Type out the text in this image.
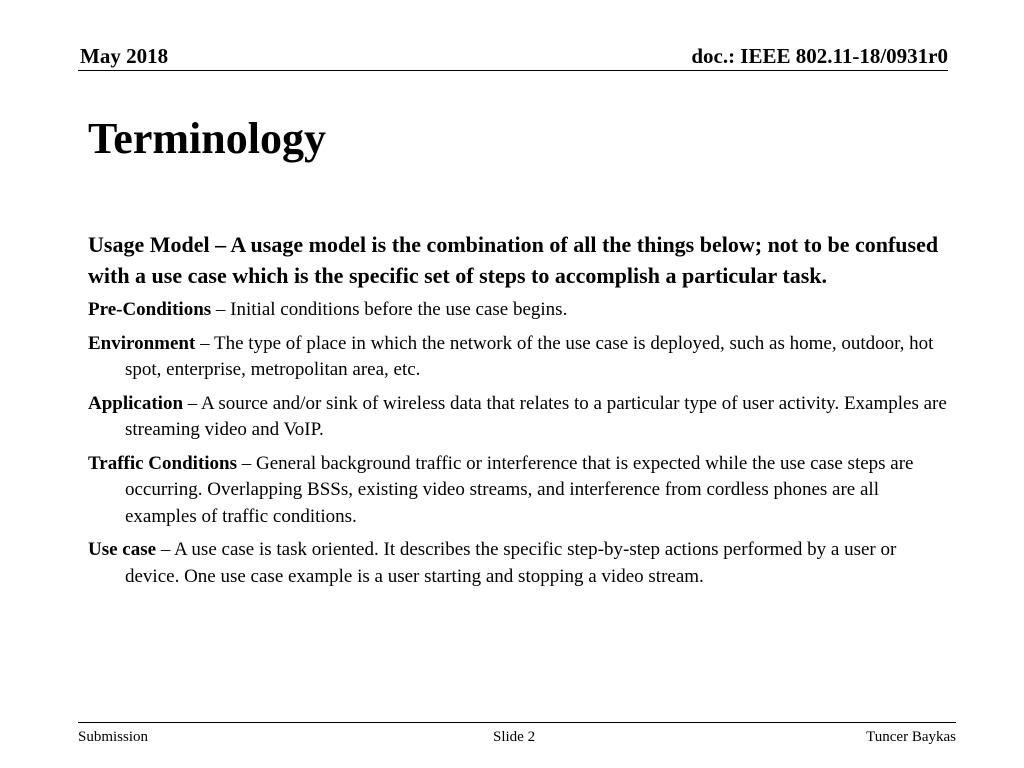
May 2018	doc.: IEEE 802.11-18/0931r0
Terminology

Usage Model – A usage model is the combination of all the things below; not to be confused with a use case which is the specific set of steps to accomplish a particular task.

Pre-Conditions – Initial conditions before the use case begins.

Environment – The type of place in which the network of the use case is deployed, such as home, outdoor, hot spot, enterprise, metropolitan area, etc.

Application – A source and/or sink of wireless data that relates to a particular type of user activity. Examples are streaming video and VoIP.

Traffic Conditions – General background traffic or interference that is expected while the use case steps are occurring. Overlapping BSSs, existing video streams, and interference from cordless phones are all examples of traffic conditions.

Use case – A use case is task oriented. It describes the specific step-by-step actions performed by a user or device. One use case example is a user starting and stopping a video stream.

Submission	Slide 2	Tuncer Baykas
